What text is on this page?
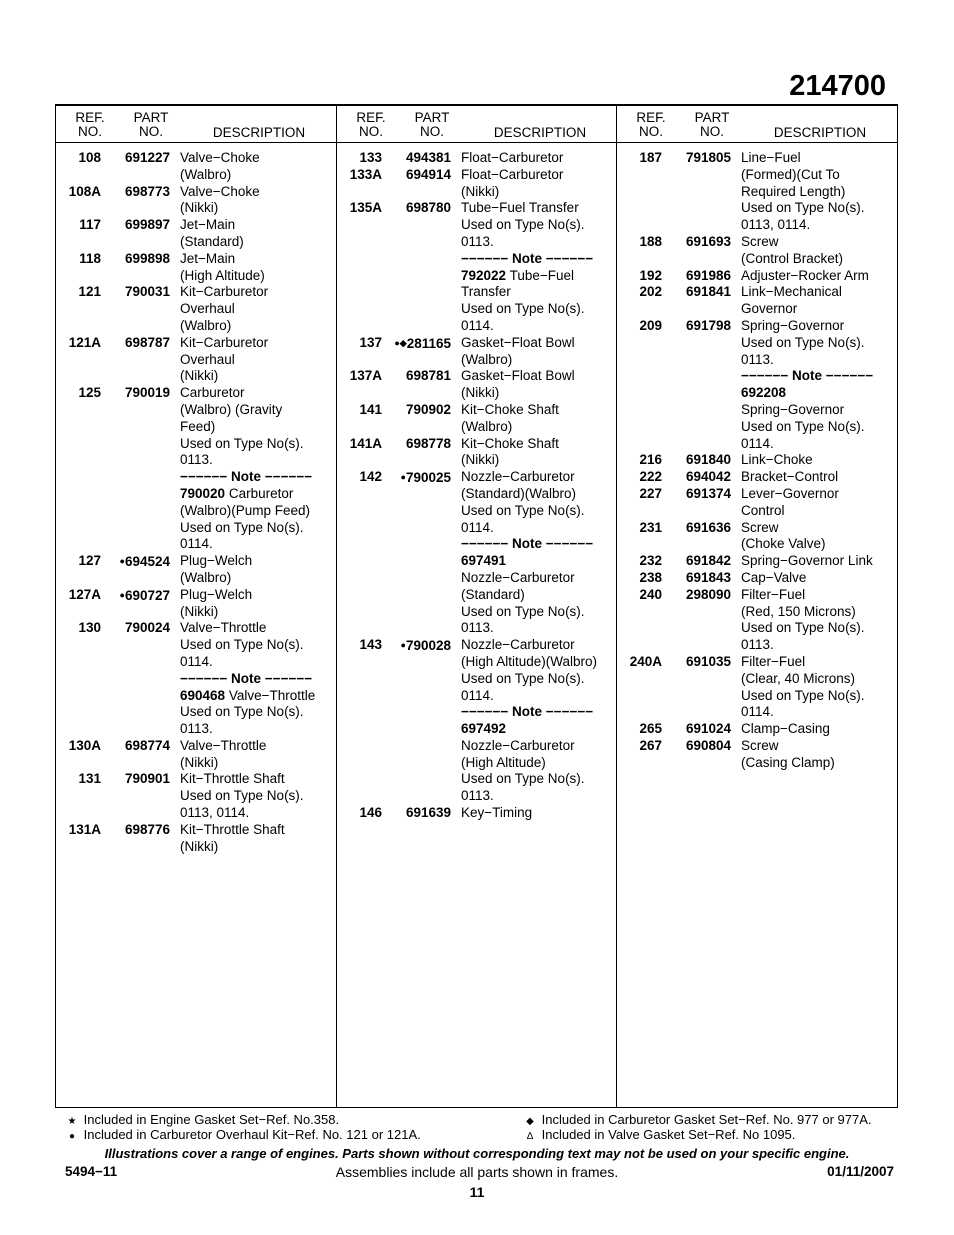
214700
REF.
NO.
PART
NO.	DESCRIPTION
108	691227 Valve−Choke
(Walbro)
108A	698773 Valve−Choke
(Nikki)
117	699897 Jet−Main
(Standard)
118	699898 Jet−Main
(High Altitude)
121	790031 Kit−Carburetor
Overhaul
(Walbro)
121A	698787 Kit−Carburetor
Overhaul
(Nikki)
125	790019 Carburetor
(Walbro) (Gravity
Feed)
Used on Type No(s).
0113.
−−−−−− Note −−−−−−
790020 Carburetor
(Walbro)(Pump Feed)
Used on Type No(s).
0114.
127	●694524 Plug−Welch
(Walbro)
127A	●690727 Plug−Welch
(Nikki)
130	790024 Valve−Throttle
Used on Type No(s).
0114.
−−−−−− Note −−−−−−
690468 Valve−Throttle
Used on Type No(s).
0113.
130A	698774 Valve−Throttle
(Nikki)
131	790901 Kit−Throttle Shaft
Used on Type No(s).
0113, 0114.
131A	698776 Kit−Throttle Shaft
(Nikki)
REF.
NO.
PART
NO.	DESCRIPTION
133	494381 Float−Carburetor
133A	694914 Float−Carburetor
(Nikki)
135A	698780 Tube−Fuel Transfer
Used on Type No(s).
0113.
−−−−−− Note −−−−−−
792022 Tube−Fuel
Transfer
Used on Type No(s).
0114.
137	●◆281165 Gasket−Float Bowl
(Walbro)
137A	698781 Gasket−Float Bowl
(Nikki)
141	790902 Kit−Choke Shaft
(Walbro)
141A	698778 Kit−Choke Shaft
(Nikki)
142	●790025 Nozzle−Carburetor
(Standard)(Walbro)
Used on Type No(s).
0114.
−−−−−− Note −−−−−−
697491
Nozzle−Carburetor
(Standard)
Used on Type No(s).
0113.
143	●790028 Nozzle−Carburetor
(High Altitude)(Walbro)
Used on Type No(s).
0114.
−−−−−− Note −−−−−−
697492
Nozzle−Carburetor
(High Altitude)
Used on Type No(s).
0113.
146	691639 Key−Timing
REF.
NO.
PART
NO.	DESCRIPTION
187	791805 Line−Fuel
(Formed)(Cut To
Required Length)
Used on Type No(s).
0113, 0114.
188	691693 Screw
(Control Bracket)
192	691986 Adjuster−Rocker Arm
202	691841 Link−Mechanical
Governor
209	691798 Spring−Governor
Used on Type No(s).
0113.
−−−−−− Note −−−−−−
692208
Spring−Governor
Used on Type No(s).
0114.
216	691840 Link−Choke
222	694042 Bracket−Control
227	691374 Lever−Governor
Control
231	691636 Screw
(Choke Valve)
232	691842 Spring−Governor Link
238	691843 Cap−Valve
240	298090 Filter−Fuel
(Red, 150 Microns)
Used on Type No(s).
0113.
240A	691035 Filter−Fuel
(Clear, 40 Microns)
Used on Type No(s).
0114.
265	691024 Clamp−Casing
267	690804 Screw
(Casing Clamp)
★ Included in Engine Gasket Set−Ref. No.358.
● Included in Carburetor Overhaul Kit−Ref. No. 121 or 121A.
◆ Included in Carburetor Gasket Set−Ref. No. 977 or 977A.
∆ Included in Valve Gasket Set−Ref. No 1095.
Illustrations cover a range of engines. Parts shown without corresponding text may not be used on your specific engine.
5494−11	Assemblies include all parts shown in frames.	01/11/2007
11
